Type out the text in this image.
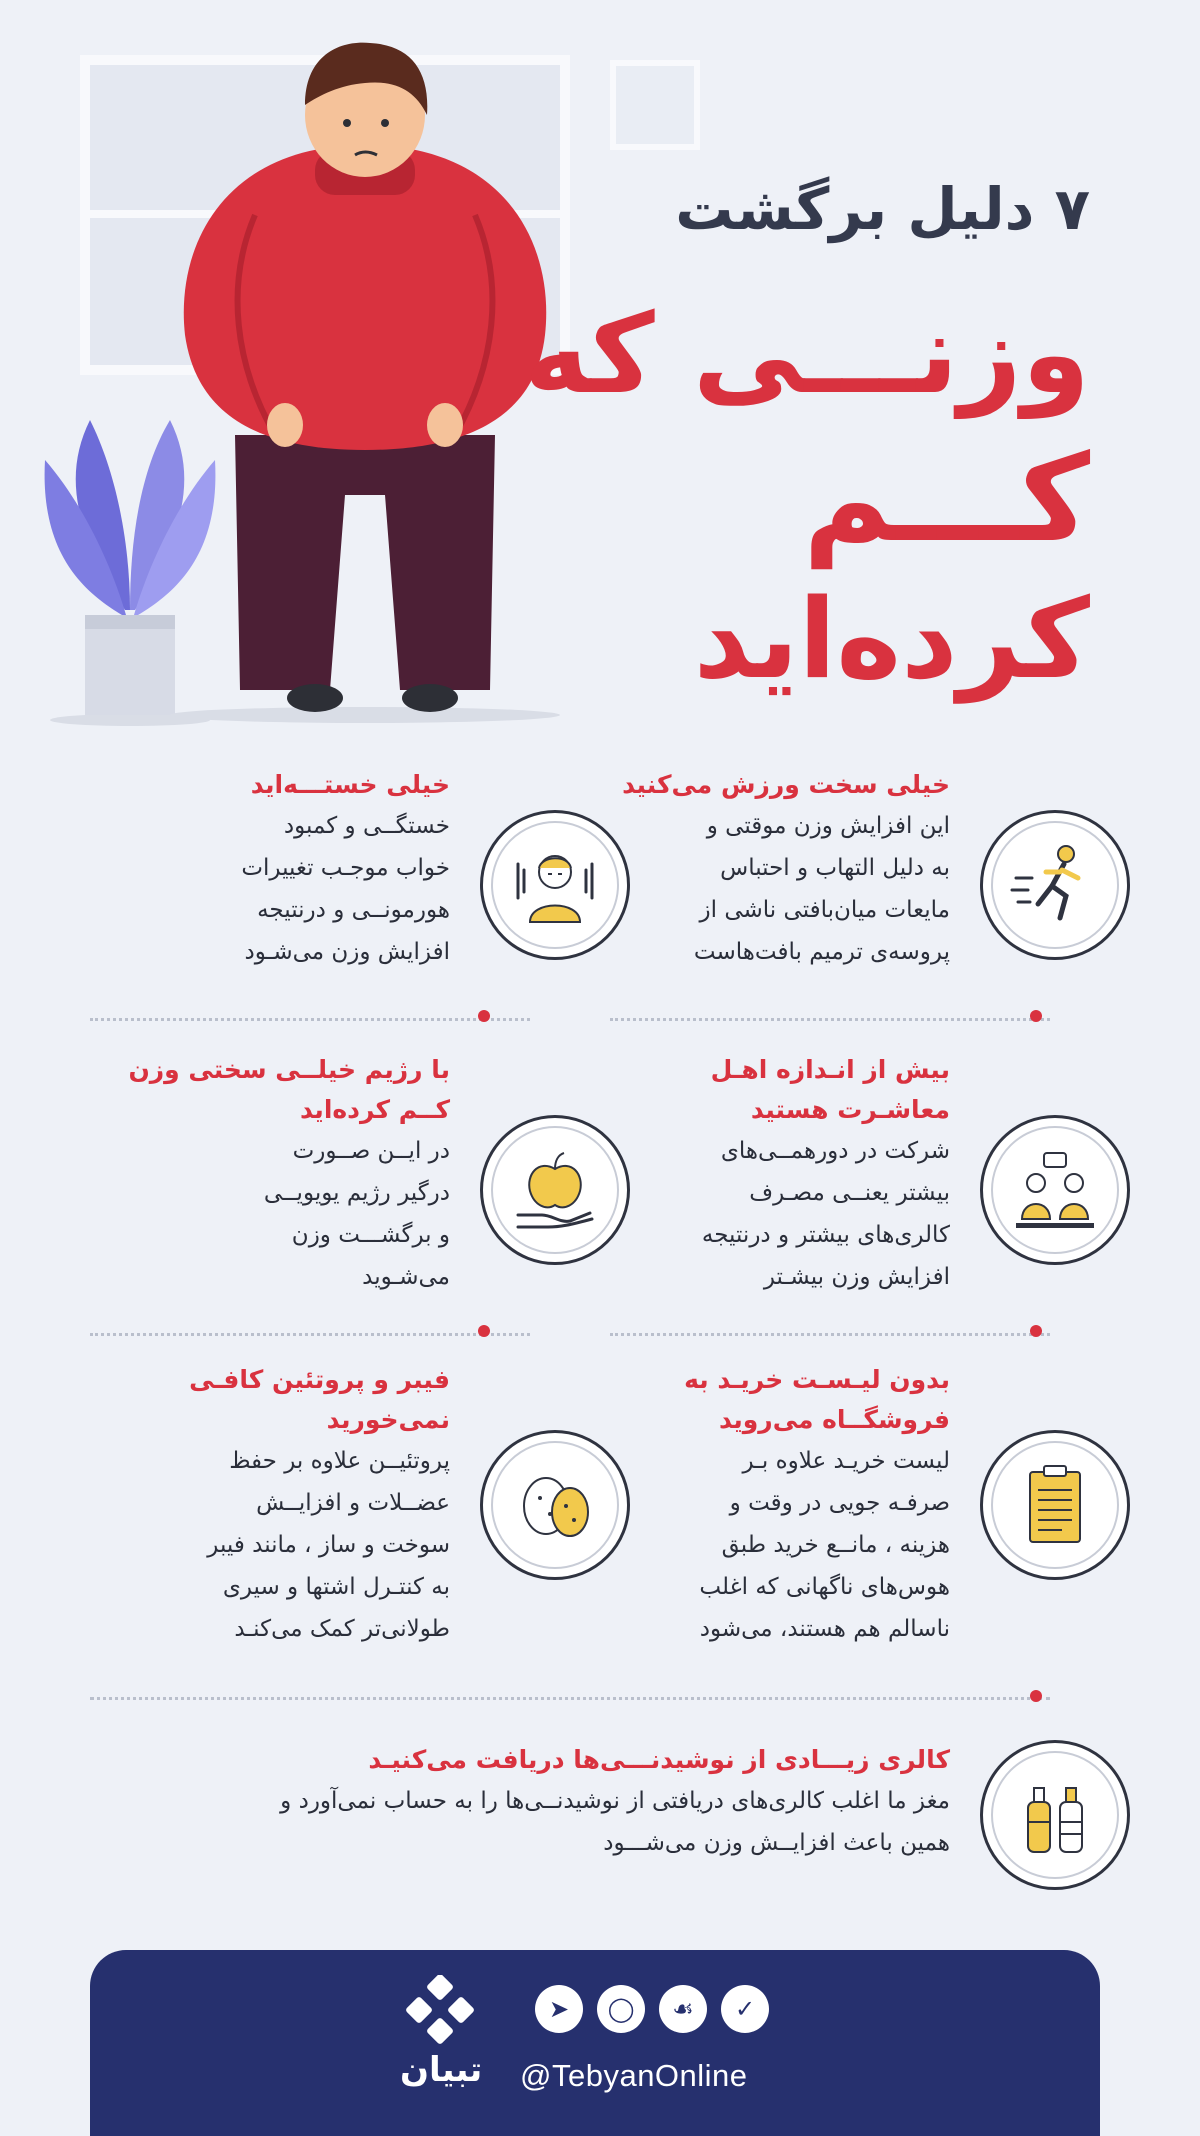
۷ دلیل برگشت
وزنـــی که
کـــم
کرده‌اید

خیلی سخت ورزش می‌کنید

این افزایش وزن موقتی و
به دلیل التهاب و احتباس
مایعات میان‌بافتی ناشی از
پروسه‌ی ترمیم بافت‌هاست

خیلی خستـــه‌اید

خستگــی و کمبود
خواب موجـب تغییرات
هورمونــی و درنتیجه
افزایش وزن می‌شـود

بیش از انـدازه اهـل معاشـرت هستید

شرکت در دورهمــی‌های
بیشتر یعنــی مصـرف
کالری‌های بیشتر و درنتیجه
افزایش وزن بیشـتر

با رژیم خیلــی سختی وزن کــم کرده‌اید

در ایــن صــورت
درگیر رژیم یویویــی
و برگشـــت وزن
می‌شـوید

بدون لیـسـت خریـد به فروشگــاه می‌روید

لیست خریـد علاوه بـر
صرفـه جویی در وقت و
هزینه ، مانــع خرید طبق
هوس‌های ناگهانی که اغلب
ناسالم هم هستند، می‌شود

فیبر و پروتئین کافـی نمی‌خورید

پروتئیــن علاوه بر حفظ
عضــلات و افزایــش
سوخت و ساز ، مانند فیبر
به کنتـرل اشتها و سیری
طولانی‌تر کمک می‌کنـد

کالری زیـــادی از نوشیدنـــی‌ها دریافت می‌کنیـد

مغز ما اغلب کالری‌های دریافتی از نوشیدنــی‌ها را به حساب نمی‌آورد و
همین باعث افزایــش وزن می‌شـــود

تبیان
➤	◯	☙	✓
@TebyanOnline
